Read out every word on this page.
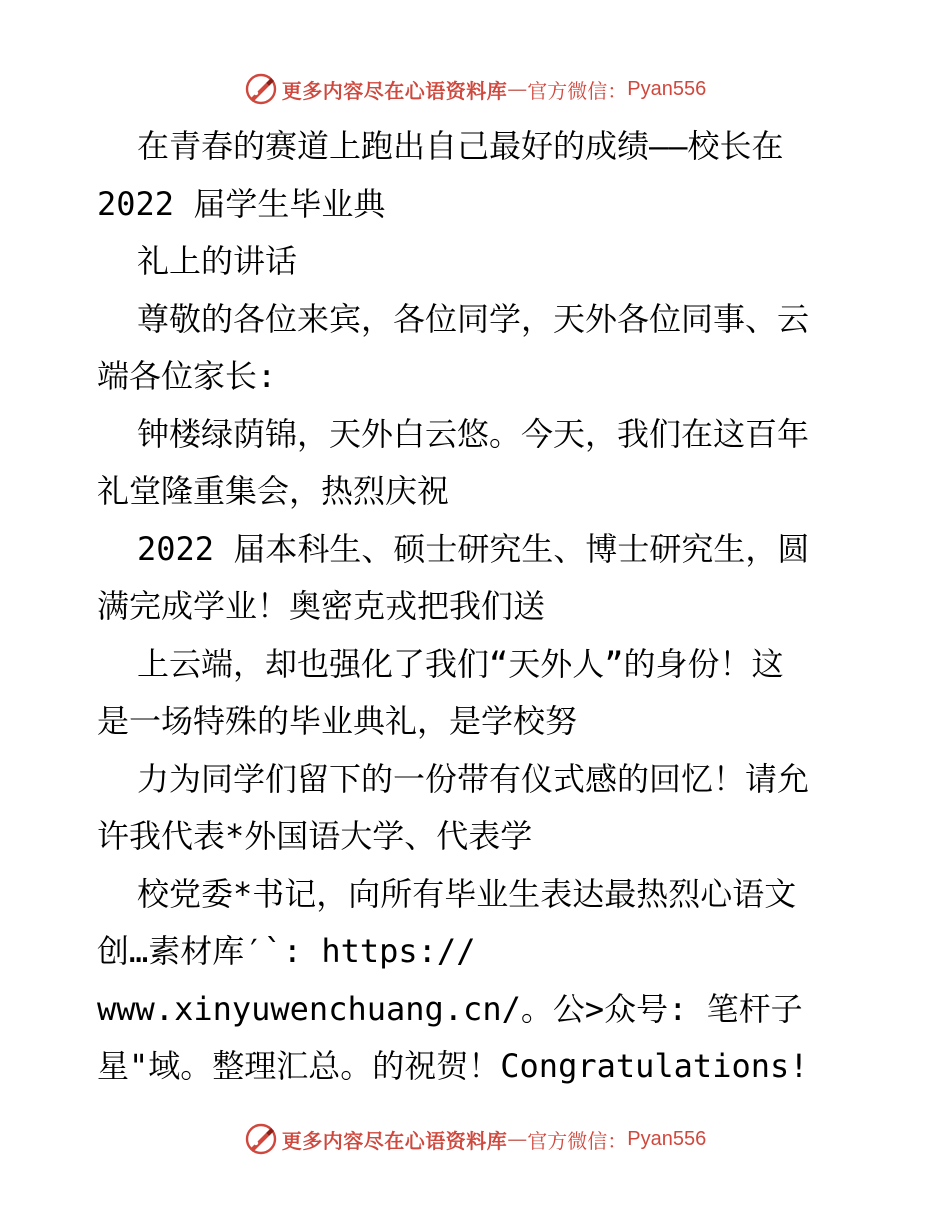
更多内容尽在心语资料库 — 官方微信： Pyan556
在青春的赛道上跑出自己最好的成绩——校长在
2022 届学生毕业典
礼上的讲话
尊敬的各位来宾，各位同学，天外各位同事、云
端各位家长:
钟楼绿荫锦，天外白云悠。今天，我们在这百年
礼堂隆重集会，热烈庆祝
2022 届本科生、硕士研究生、博士研究生，圆
满完成学业！奥密克戎把我们送
上云端，却也强化了我们“天外人”的身份！这
是一场特殊的毕业典礼，是学校努
力为同学们留下的一份带有仪式感的回忆！请允
许我代表*外国语大学、代表学
校党委*书记，向所有毕业生表达最热烈心语文
创…素材库′`: https://
www.xinyuwenchuang.cn/。公>众号: 笔杆子
星"域。整理汇总。的祝贺！Congratulations!
更多内容尽在心语资料库 — 官方微信： Pyan556
